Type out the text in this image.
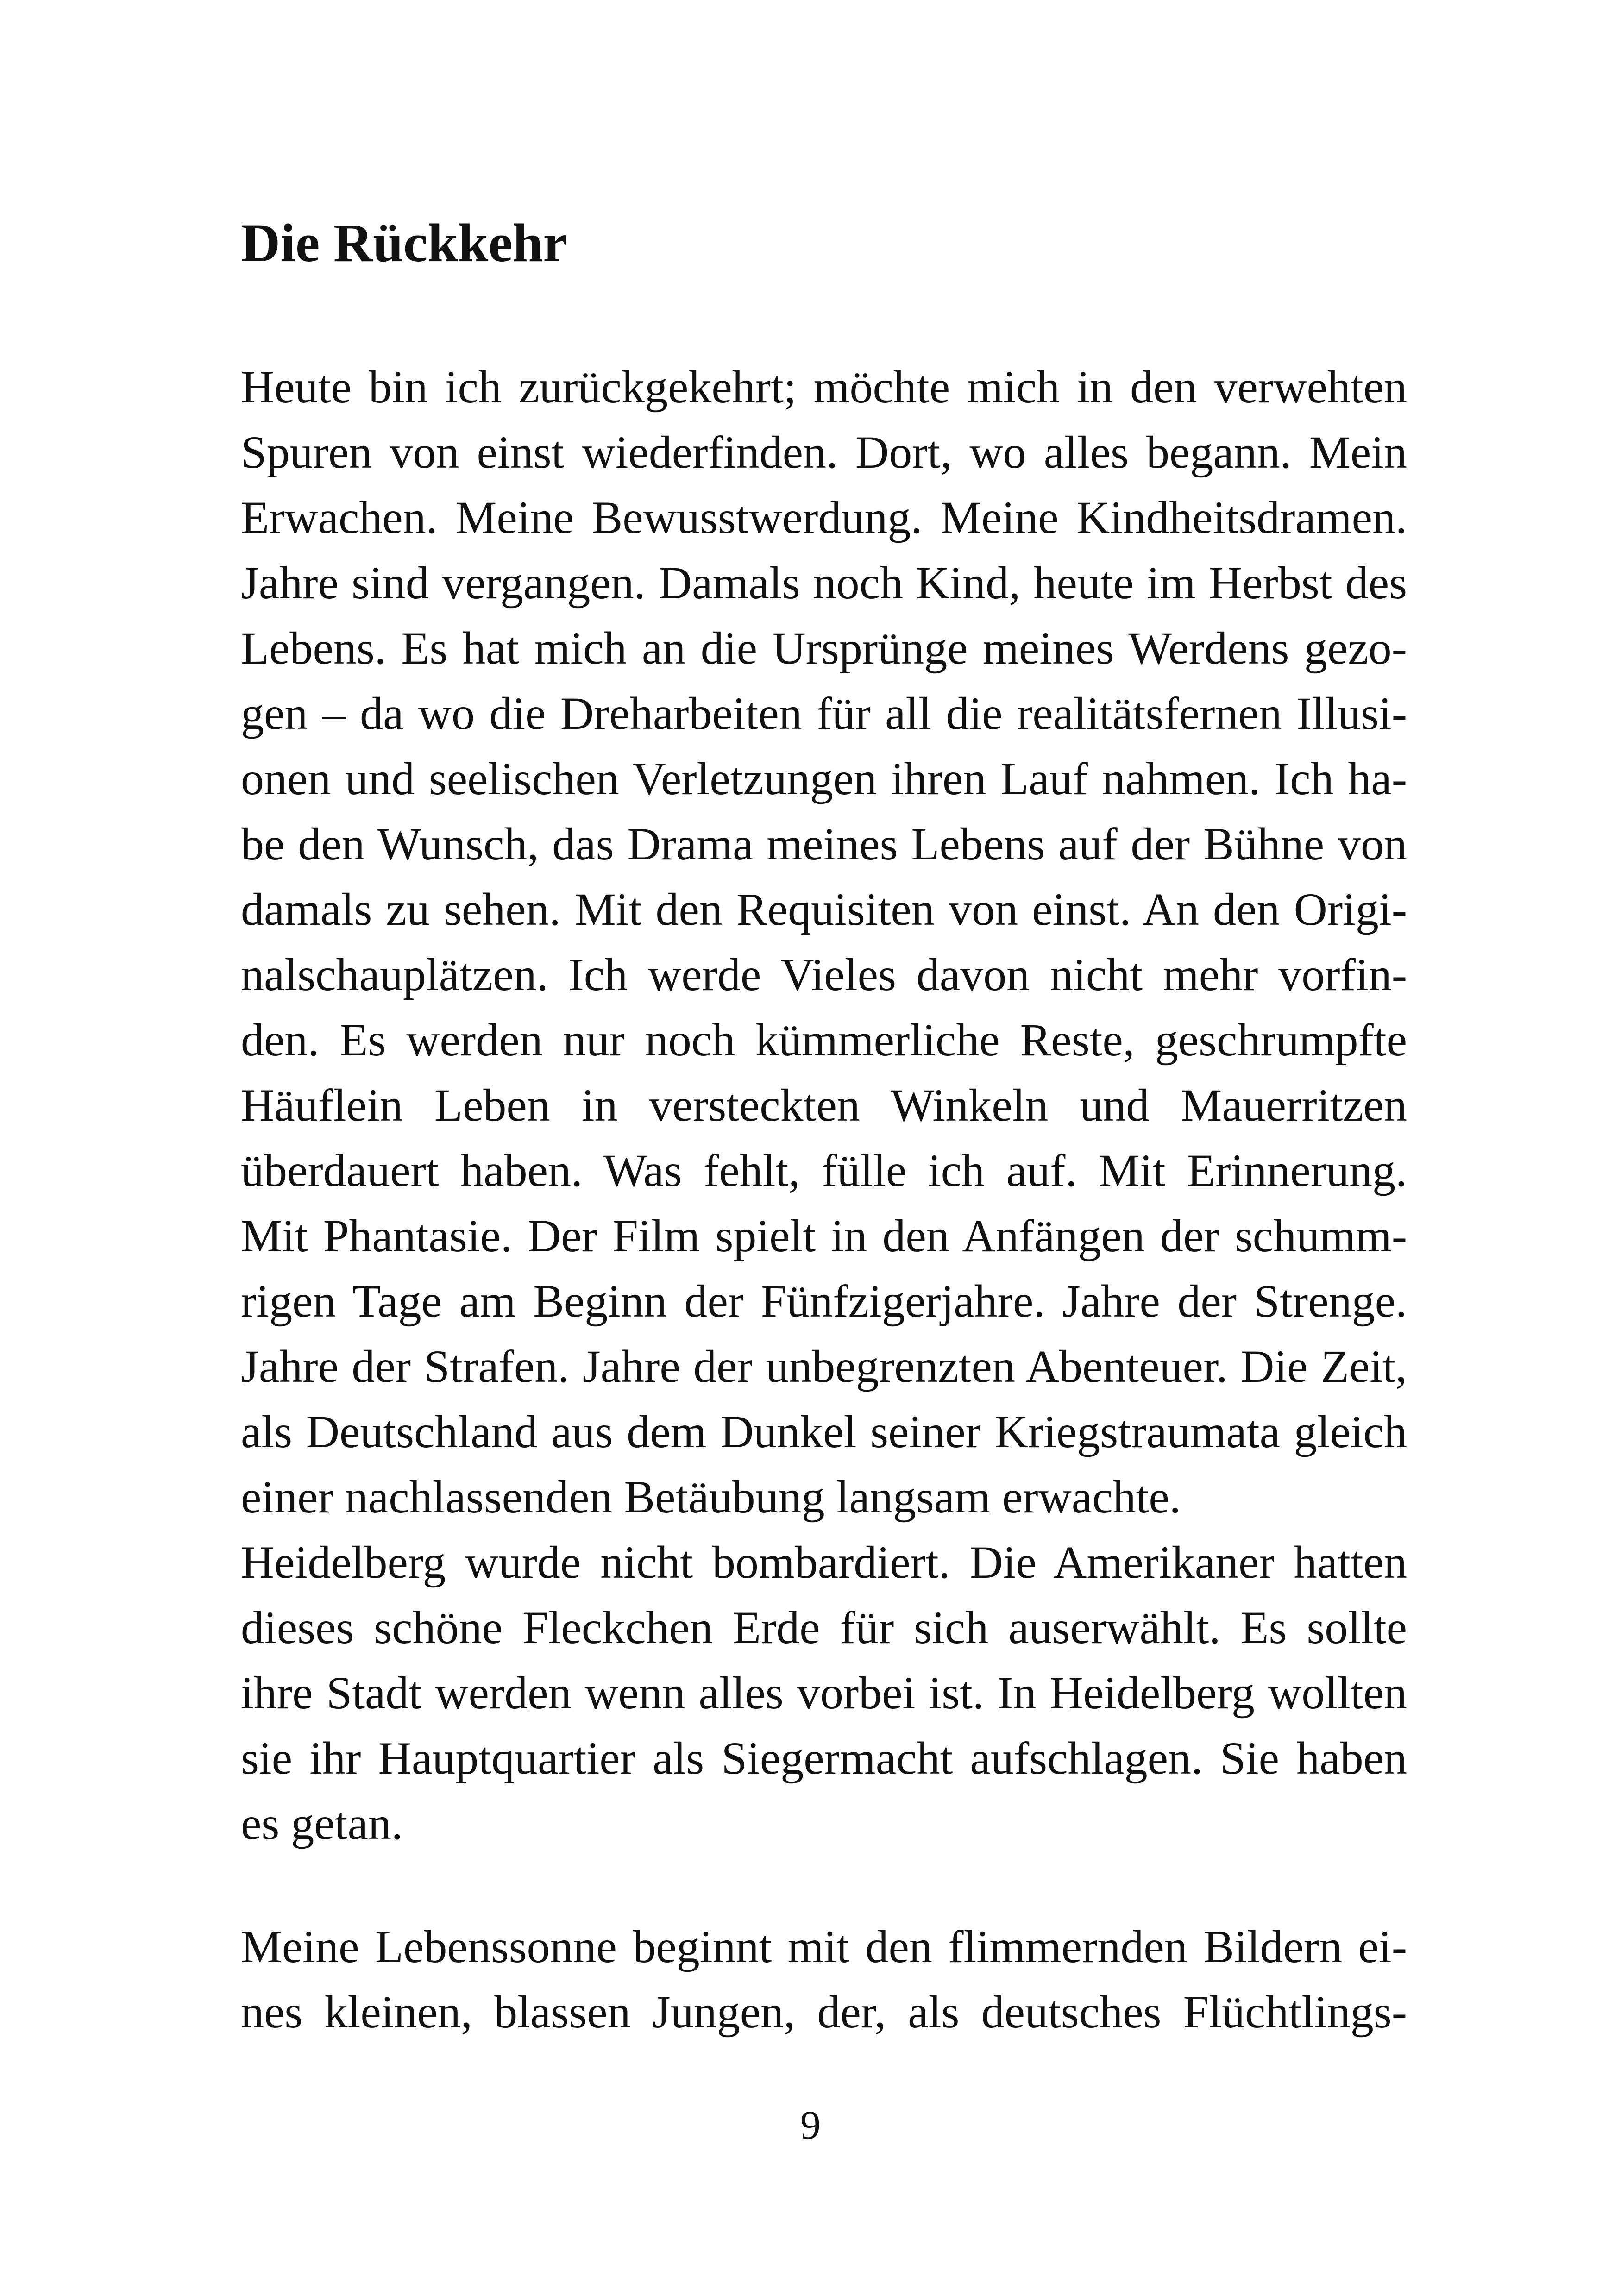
Die Rückkehr
Heute bin ich zurückgekehrt; möchte mich in den verwehten
Spuren von einst wiederfinden. Dort, wo alles begann. Mein
Erwachen. Meine Bewusstwerdung. Meine Kindheitsdramen.
Jahre sind vergangen. Damals noch Kind, heute im Herbst des
Lebens. Es hat mich an die Ursprünge meines Werdens gezo-
gen – da wo die Dreharbeiten für all die realitätsfernen Illusi-
onen und seelischen Verletzungen ihren Lauf nahmen. Ich ha-
be den Wunsch, das Drama meines Lebens auf der Bühne von
damals zu sehen. Mit den Requisiten von einst. An den Origi-
nalschauplätzen. Ich werde Vieles davon nicht mehr vorfin-
den. Es werden nur noch kümmerliche Reste, geschrumpfte
Häuflein Leben in versteckten Winkeln und Mauerritzen
überdauert haben. Was fehlt, fülle ich auf. Mit Erinnerung.
Mit Phantasie. Der Film spielt in den Anfängen der schumm-
rigen Tage am Beginn der Fünfzigerjahre. Jahre der Strenge.
Jahre der Strafen. Jahre der unbegrenzten Abenteuer. Die Zeit,
als Deutschland aus dem Dunkel seiner Kriegstraumata gleich
einer nachlassenden Betäubung langsam erwachte.
Heidelberg wurde nicht bombardiert. Die Amerikaner hatten
dieses schöne Fleckchen Erde für sich auserwählt. Es sollte
ihre Stadt werden wenn alles vorbei ist. In Heidelberg wollten
sie ihr Hauptquartier als Siegermacht aufschlagen. Sie haben
es getan.
Meine Lebenssonne beginnt mit den flimmernden Bildern ei-
nes kleinen, blassen Jungen, der, als deutsches Flüchtlings-
9
